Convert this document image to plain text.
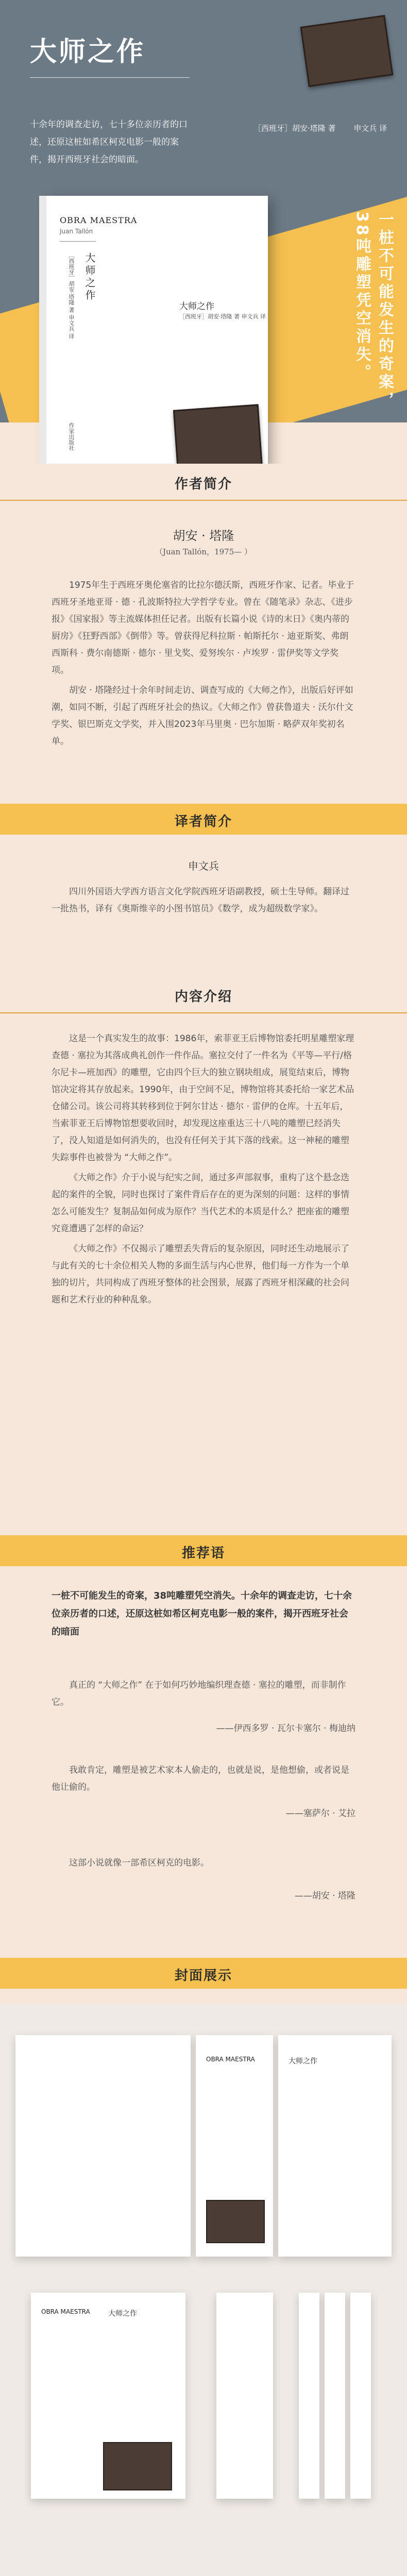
大师之作
十余年的调查走访，七十多位亲历者的口述，还原这桩如希区柯克电影一般的案件，揭开西班牙社会的暗面。
［西班牙］胡安·塔隆 著 申文兵 译
OBRA MAESTRA
Juan Tallón
大师之作
［西班牙］胡安·塔隆 著 申文兵 译
作家出版社
大师之作
［西班牙］胡安·塔隆 著 申文兵 译	一桩不可能发生的奇案，
38吨雕塑凭空消失。
作者简介
胡安 · 塔隆
（Juan Tallón，1975— ）

1975年生于西班牙奥伦塞省的比拉尔德沃斯，西班牙作家、记者。毕业于西班牙圣地亚哥 · 德 · 孔波斯特拉大学哲学专业。曾在《随笔录》杂志、《进步报》《国家报》等主流媒体担任记者。出版有长篇小说《诗的末日》《奥内蒂的厨房》《狂野西部》《倒带》等。曾获得尼科拉斯 · 帕斯托尔 · 迪亚斯奖、弗朗西斯科 · 费尔南德斯 · 德尔 · 里戈奖、爱努埃尔 · 卢埃罗 · 雷伊奖等文学奖项。

胡安 · 塔隆经过十余年时间走访、调查写成的《大师之作》，出版后好评如潮，如同不断，引起了西班牙社会的热议。《大师之作》曾获鲁道夫 · 沃尔什文学奖、银巴斯克文学奖，并入围2023年马里奥 · 巴尔加斯 · 略萨双年奖初名单。

译者简介
申文兵

四川外国语大学西方语言文化学院西班牙语副教授，硕士生导师。翻译过一批热书，译有《奥斯维辛的小图书馆员》《数学，成为超级数学家》。

内容介绍

这是一个真实发生的故事：1986年，索菲亚王后博物馆委托明星雕塑家理查德 · 塞拉为其落成典礼创作一件作品。塞拉交付了一件名为《平等—平行/格尔尼卡—班加西》的雕塑，它由四个巨大的独立钢块组成，展览结束后，博物馆决定将其存放起来。1990年，由于空间不足，博物馆将其委托给一家艺术品仓储公司。该公司将其转移到位于阿尔甘达 · 德尔 · 雷伊的仓库。十五年后，当索菲亚王后博物馆想要收回时，却发现这座重达三十八吨的雕塑已经消失了，没人知道是如何消失的，也没有任何关于其下落的线索。这一神秘的雕塑失踪事件也被誉为 “大师之作”。

《大师之作》介于小说与纪实之间，通过多声部叙事，重构了这个悬念迭起的案件的全貌，同时也探讨了案件背后存在的更为深刻的问题：这样的事情怎么可能发生？复制品如何成为原作？当代艺术的本质是什么？把座雀的雕塑究竟遭遇了怎样的命运？

《大师之作》不仅揭示了雕塑丢失背后的复杂原因，同时还生动地展示了与此有关的七十余位相关人物的多面生活与内心世界，他们每一方作为一个单独的切片，共同构成了西班牙整体的社会图景，展露了西班牙相深藏的社会问题和艺术行业的种种乱象。

推荐语
一桩不可能发生的奇案，38吨雕塑凭空消失。十余年的调查走访，七十余位亲历者的口述，还原这桩如希区柯克电影一般的案件，揭开西班牙社会的暗面

真正的 “大师之作” 在于如何巧妙地编织理查德 · 塞拉的雕塑，而非制作它。

——伊西多罗 · 瓦尔卡塞尔 · 梅迪纳

我敢肯定，雕塑是被艺术家本人偷走的，也就是说，是他想偷，或者说是他让偷的。

——塞萨尔 · 艾拉

这部小说就像一部希区柯克的电影。

——胡安 · 塔隆
封面展示
OBRA MAESTRA	大师之作
OBRA MAESTRA	大师之作
